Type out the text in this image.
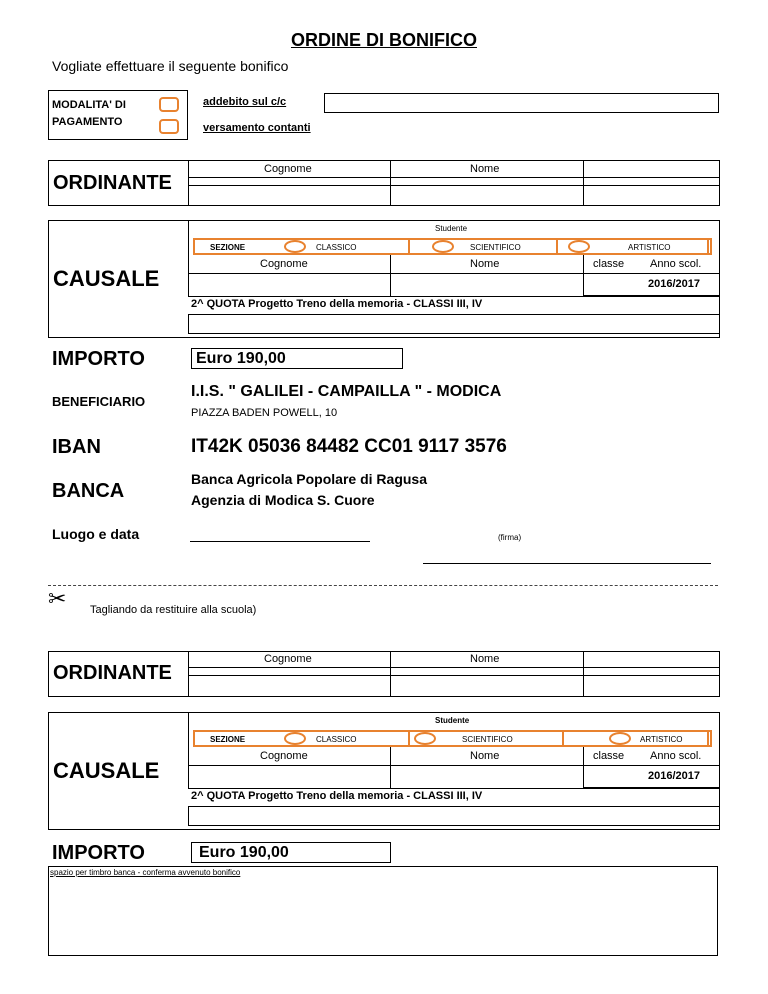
ORDINE DI BONIFICO
Vogliate effettuare il seguente bonifico
MODALITA' DI
PAGAMENTO
addebito sul c/c
versamento contanti
ORDINANTE
Cognome	Nome
CAUSALE
Studente
SEZIONE	CLASSICO	SCIENTIFICO	ARTISTICO
Cognome	Nome	classe Anno scol.
2016/2017
2^ QUOTA Progetto Treno della memoria - CLASSI III, IV
IMPORTO	Euro 190,00
BENEFICIARIO
I.I.S. " GALILEI - CAMPAILLA " - MODICA
PIAZZA BADEN POWELL, 10
IBAN	IT42K 05036 84482 CC01 9117 3576
BANCA
Banca Agricola Popolare di Ragusa
Agenzia di Modica S. Cuore
Luogo e data	(firma)
✂ Tagliando da restituire alla scuola)
ORDINANTE
Cognome	Nome
CAUSALE
Studente
SEZIONE	CLASSICO	SCIENTIFICO	ARTISTICO
Cognome	Nome	classe Anno scol.
2016/2017
2^ QUOTA Progetto Treno della memoria - CLASSI III, IV
IMPORTO	Euro 190,00
spazio per timbro banca - conferma avvenuto bonifico
